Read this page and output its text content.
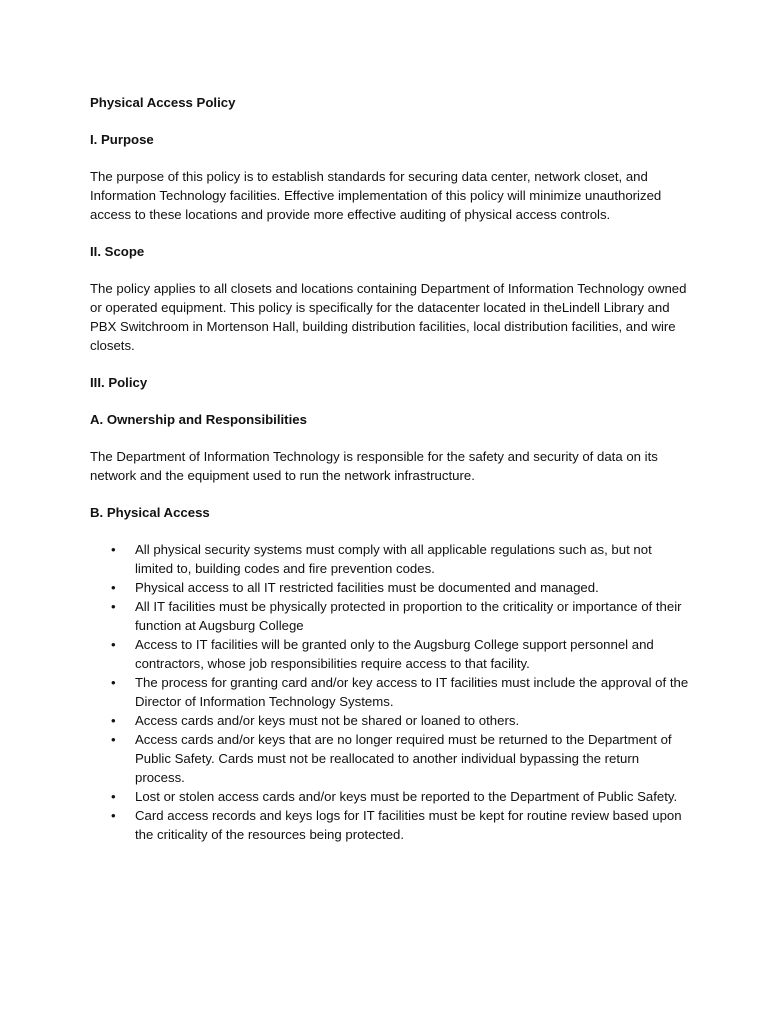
Physical Access Policy

I. Purpose

The purpose of this policy is to establish standards for securing data center, network closet, and Information Technology facilities. Effective implementation of this policy will minimize unauthorized access to these locations and provide more effective auditing of physical access controls.

II. Scope

The policy applies to all closets and locations containing Department of Information Technology owned or operated equipment. This policy is specifically for the datacenter located in theLindell Library and PBX Switchroom in Mortenson Hall, building distribution facilities, local distribution facilities, and wire closets.

III. Policy

A. Ownership and Responsibilities

The Department of Information Technology is responsible for the safety and security of data on its network and the equipment used to run the network infrastructure.

B. Physical Access

• All physical security systems must comply with all applicable regulations such as, but not limited to, building codes and fire prevention codes.
• Physical access to all IT restricted facilities must be documented and managed.
• All IT facilities must be physically protected in proportion to the criticality or importance of their function at Augsburg College
• Access to IT facilities will be granted only to the Augsburg College support personnel and contractors, whose job responsibilities require access to that facility.
• The process for granting card and/or key access to IT facilities must include the approval of the Director of Information Technology Systems.
• Access cards and/or keys must not be shared or loaned to others.
• Access cards and/or keys that are no longer required must be returned to the Department of Public Safety. Cards must not be reallocated to another individual bypassing the return process.
• Lost or stolen access cards and/or keys must be reported to the Department of Public Safety.
• Card access records and keys logs for IT facilities must be kept for routine review based upon the criticality of the resources being protected.
